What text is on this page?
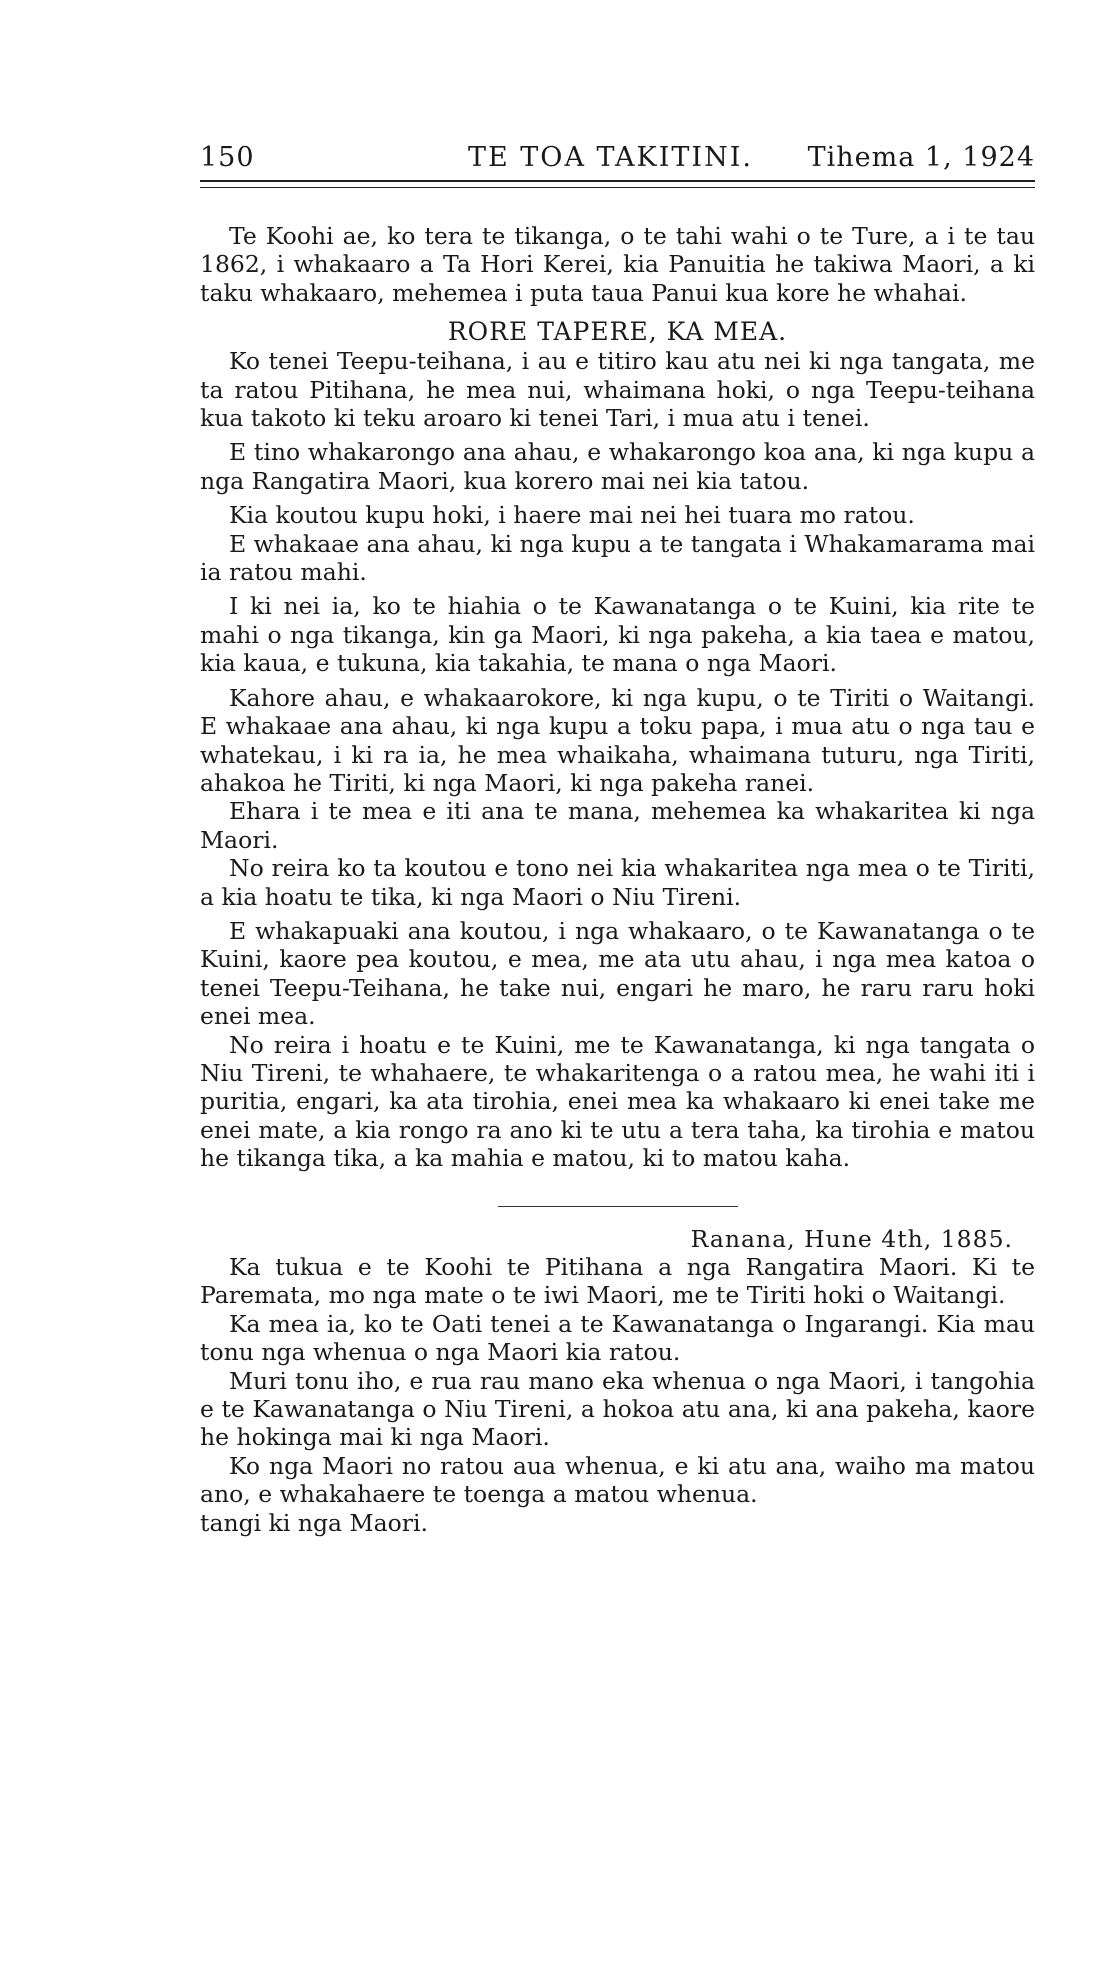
150	TE TOA TAKITINI. Tihema 1, 1924

Te Koohi ae, ko tera te tikanga, o te tahi wahi o te Ture, a i te tau 1862, i whakaaro a Ta Hori Kerei, kia Panuitia he takiwa Maori, a ki taku whakaaro, mehemea i puta taua Panui kua kore he whahai.

RORE TAPERE, KA MEA.

Ko tenei Teepu-teihana, i au e titiro kau atu nei ki nga tangata, me ta ratou Pitihana, he mea nui, whaimana hoki, o nga Teepu-teihana kua takoto ki teku aroaro ki tenei Tari, i mua atu i tenei.

E tino whakarongo ana ahau, e whakarongo koa ana, ki nga kupu a nga Rangatira Maori, kua korero mai nei kia tatou.

Kia koutou kupu hoki, i haere mai nei hei tuara mo ratou.

E whakaae ana ahau, ki nga kupu a te tangata i Whakamarama mai ia ratou mahi.

I ki nei ia, ko te hiahia o te Kawanatanga o te Kuini, kia rite te mahi o nga tikanga, kin ga Maori, ki nga pakeha, a kia taea e matou, kia kaua, e tukuna, kia takahia, te mana o nga Maori.

Kahore ahau, e whakaarokore, ki nga kupu, o te Tiriti o Waitangi. E whakaae ana ahau, ki nga kupu a toku papa, i mua atu o nga tau e whatekau, i ki ra ia, he mea whaikaha, whaimana tuturu, nga Tiriti, ahakoa he Tiriti, ki nga Maori, ki nga pakeha ranei.

Ehara i te mea e iti ana te mana, mehemea ka whakaritea ki nga Maori.

No reira ko ta koutou e tono nei kia whakaritea nga mea o te Tiriti, a kia hoatu te tika, ki nga Maori o Niu Tireni.

E whakapuaki ana koutou, i nga whakaaro, o te Kawanatanga o te Kuini, kaore pea koutou, e mea, me ata utu ahau, i nga mea katoa o tenei Teepu-Teihana, he take nui, engari he maro, he raru raru hoki enei mea.

No reira i hoatu e te Kuini, me te Kawanatanga, ki nga tangata o Niu Tireni, te whahaere, te whakaritenga o a ratou mea, he wahi iti i puritia, engari, ka ata tirohia, enei mea ka whakaaro ki enei take me enei mate, a kia rongo ra ano ki te utu a tera taha, ka tirohia e matou he tikanga tika, a ka mahia e matou, ki to matou kaha.

Ranana, Hune 4th, 1885.

Ka tukua e te Koohi te Pitihana a nga Rangatira Maori. Ki te Paremata, mo nga mate o te iwi Maori, me te Tiriti hoki o Waitangi.

Ka mea ia, ko te Oati tenei a te Kawanatanga o Ingarangi. Kia mau tonu nga whenua o nga Maori kia ratou.

Muri tonu iho, e rua rau mano eka whenua o nga Maori, i tangohia e te Kawanatanga o Niu Tireni, a hokoa atu ana, ki ana pakeha, kaore he hokinga mai ki nga Maori.

Ko nga Maori no ratou aua whenua, e ki atu ana, waiho ma matou ano, e whakahaere te toenga a matou whenua.

tangi ki nga Maori.
